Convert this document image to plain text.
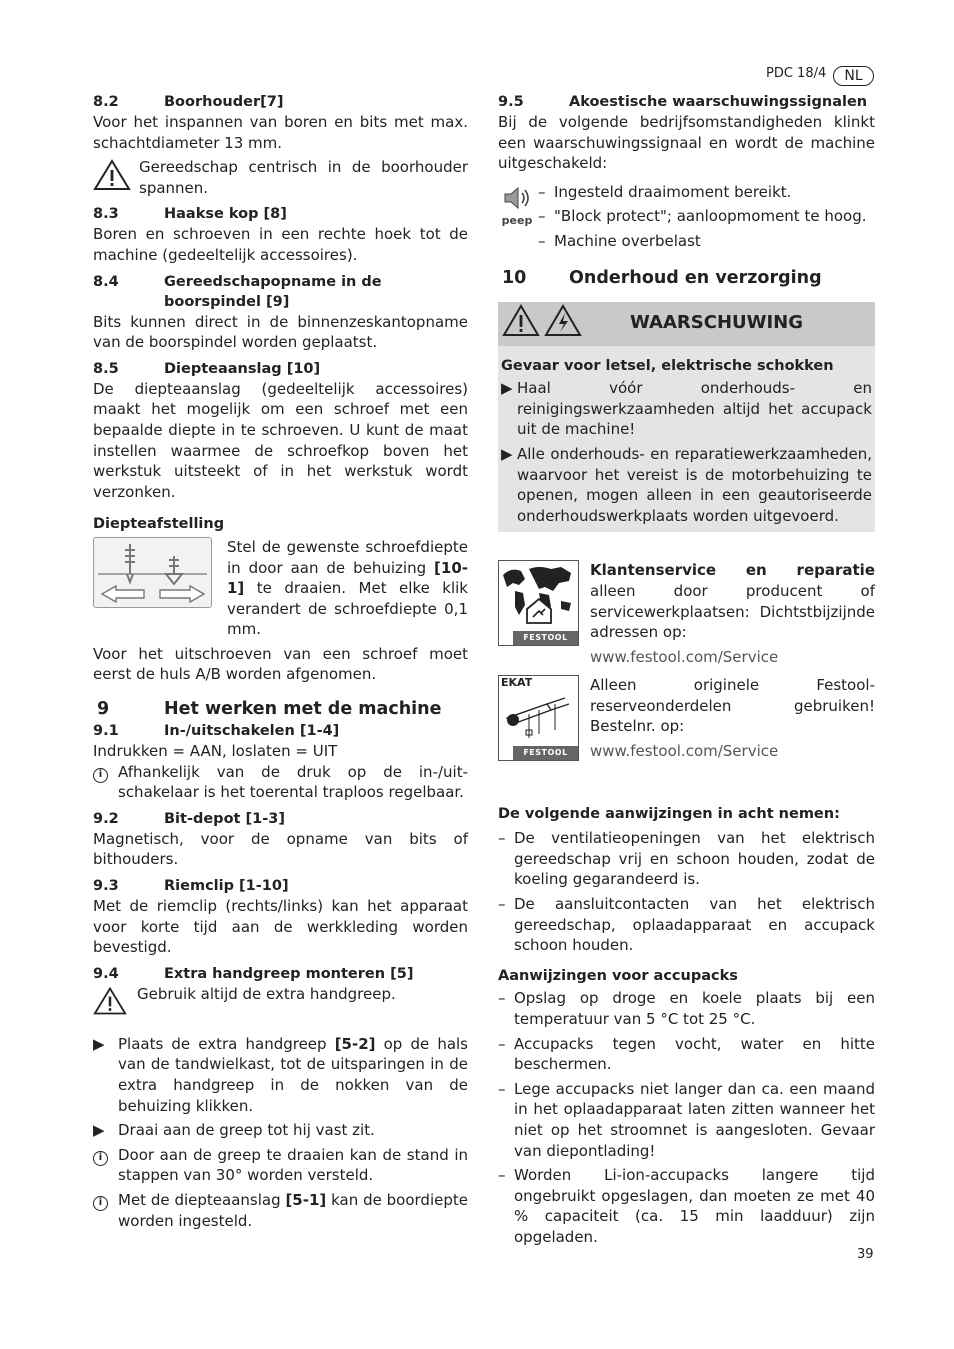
PDC 18/4	NL
8.2	Boorhouder[7]

Voor het inspannen van boren en bits met max. schachtdiameter 13 mm.

Gereedschap centrisch in de boorhouder spannen.

8.3	Haakse kop [8]

Boren en schroeven in een rechte hoek tot de machine (gedeeltelijk accessoires).

8.4	Gereedschapopname in de boorspindel [9]

Bits kunnen direct in de binnenzeskantopname van de boorspindel worden geplaatst.

8.5	Diepteaanslag [10]

De diepteaanslag (gedeeltelijk accessoires) maakt het mogelijk om een schroef met een bepaalde diepte in te schroeven. U kunt de maat instellen waarmee de schroefkop boven het werkstuk uitsteekt of in het werkstuk wordt verzonken.

Diepteafstelling

Stel de gewenste schroefdiepte in door aan de behuizing [10-1] te draaien. Met elke klik verandert de schroefdiepte 0,1 mm.

Voor het uitschroeven van een schroef moet eerst de huls A/B worden afgenomen.

9	Het werken met de machine
9.1	In-/uitschakelen [1-4]

Indrukken = AAN, loslaten = UIT

i	Afhankelijk van de druk op de in-/uit-schakelaar is het toerental traploos regelbaar.

9.2	Bit-depot [1-3]

Magnetisch, voor de opname van bits of bithouders.

9.3	Riemclip [1-10]

Met de riemclip (rechts/links) kan het apparaat voor korte tijd aan de werkkleding worden bevestigd.

9.4	Extra handgreep monteren [5]

Gebruik altijd de extra handgreep.

▶ Plaats de extra handgreep [5-2] op de hals van de tandwielkast, tot de uitsparingen in de extra handgreep in de nokken van de behuizing klikken.

▶ Draai aan de greep tot hij vast zit.

i	Door aan de greep te draaien kan de stand in stappen van 30° worden versteld.

i	Met de diepteaanslag [5-1] kan de boordiepte worden ingesteld.

9.5	Akoestische waarschuwingssignalen

Bij de volgende bedrijfsomstandigheden klinkt een waarschuwingssignaal en wordt de machine uitgeschakeld:

peep
– Ingesteld draaimoment bereikt.
– "Block protect"; aanloopmoment te hoog.
– Machine overbelast
10	Onderhoud en verzorging
WAARSCHUWING
Gevaar voor letsel, elektrische schokken
▶ Haal vóór onderhouds- en reinigingswerkzaamheden altijd het accupack uit de machine!

▶ Alle onderhouds- en reparatiewerkzaamheden, waarvoor het vereist is de motorbehuizing te openen, mogen alleen in een geautoriseerde onderhoudswerkplaats worden uitgevoerd.

FESTOOL

Klantenservice en reparatie alleen door producent of servicewerkplaatsen: Dichtstbijzijnde adressen op:

www.festool.com/Service
EKAT
FESTOOL

Alleen originele Festool-reserveonderdelen gebruiken! Bestelnr. op:

www.festool.com/Service
De volgende aanwijzingen in acht nemen:
– De ventilatieopeningen van het elektrisch gereedschap vrij en schoon houden, zodat de koeling gegarandeerd is.

– De aansluitcontacten van het elektrisch gereedschap, oplaadapparaat en accupack schoon houden.

Aanwijzingen voor accupacks
– Opslag op droge en koele plaats bij een temperatuur van 5 °C tot 25 °C.

– Accupacks tegen vocht, water en hitte beschermen.

– Lege accupacks niet langer dan ca. een maand in het oplaadapparaat laten zitten wanneer het niet op het stroomnet is aangesloten. Gevaar van diepontlading!

– Worden Li-ion-accupacks langere tijd ongebruikt opgeslagen, dan moeten ze met 40 % capaciteit (ca. 15 min laadduur) zijn opgeladen.

39
